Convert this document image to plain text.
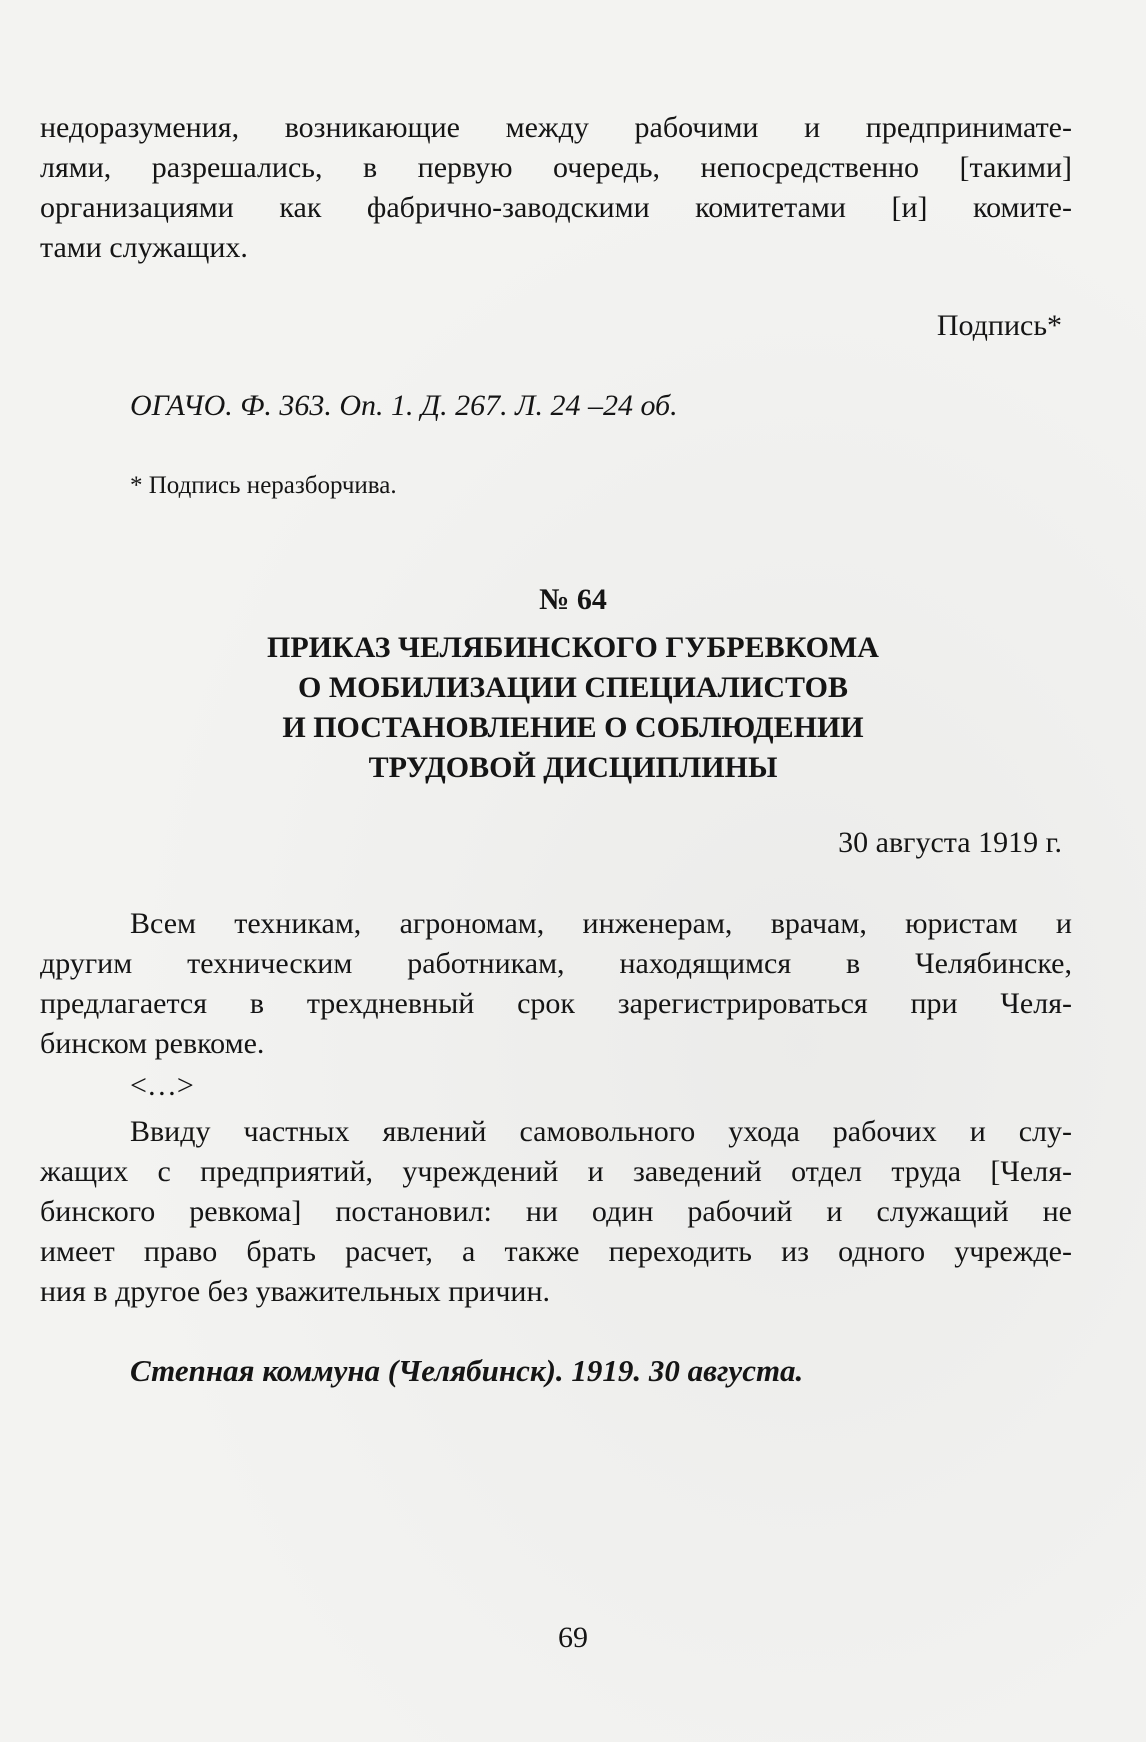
недоразумения, возникающие между рабочими и предпринимате-
лями, разрешались, в первую очередь, непосредственно [такими]
организациями как фабрично-заводскими комитетами [и] комите-
тами служащих.
Подпись*
ОГАЧО. Ф. 363. Оп. 1. Д. 267. Л. 24 –24 об.
* Подпись неразборчива.
№ 64
ПРИКАЗ ЧЕЛЯБИНСКОГО ГУБРЕВКОМА
О МОБИЛИЗАЦИИ СПЕЦИАЛИСТОВ
И ПОСТАНОВЛЕНИЕ О СОБЛЮДЕНИИ
ТРУДОВОЙ ДИСЦИПЛИНЫ
30 августа 1919 г.
Всем техникам, агрономам, инженерам, врачам, юристам и
другим техническим работникам, находящимся в Челябинске,
предлагается в трехдневный срок зарегистрироваться при Челя-
бинском ревкоме.
<…>
Ввиду частных явлений самовольного ухода рабочих и слу-
жащих с предприятий, учреждений и заведений отдел труда [Челя-
бинского ревкома] постановил: ни один рабочий и служащий не
имеет право брать расчет, а также переходить из одного учрежде-
ния в другое без уважительных причин.
Степная коммуна (Челябинск). 1919. 30 августа.
69
